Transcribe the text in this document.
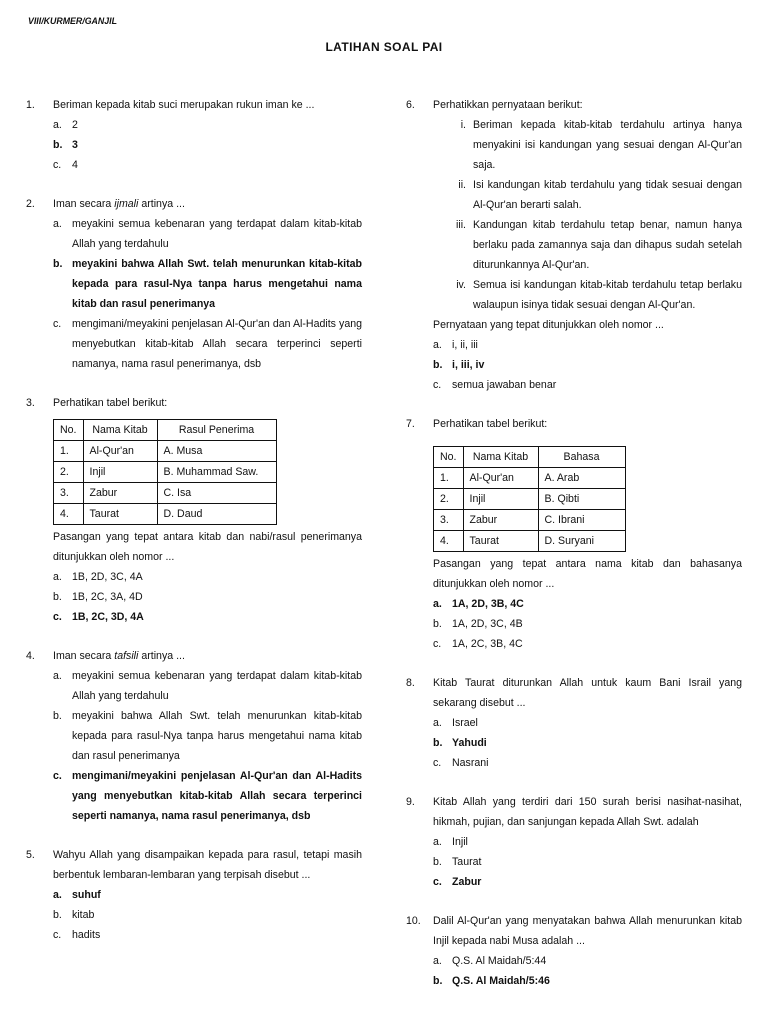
VIII/KURMER/GANJIL
LATIHAN SOAL PAI
1.	Beriman kepada kitab suci merupakan rukun iman ke ...
a. 2
b. 3
c.	4
2.	Iman secara ijmali artinya ...
a. meyakini semua kebenaran yang terdapat dalam kitab-kitab Allah yang terdahulu
b. meyakini bahwa Allah Swt. telah menurunkan kitab-kitab kepada para rasul-Nya tanpa harus mengetahui nama kitab dan rasul penerimanya
c.	mengimani/meyakini penjelasan Al-Qur'an dan Al-Hadits yang menyebutkan kitab-kitab Allah secara terperinci seperti namanya, nama rasul penerimanya, dsb
3.	Perhatikan tabel berikut:
No.	Nama Kitab	Rasul Penerima
1.	Al-Qur'an	A. Musa
2.	Injil	B. Muhammad Saw.
3.	Zabur	C. Isa
4.	Taurat	D. Daud
Pasangan yang tepat antara kitab dan nabi/rasul penerimanya ditunjukkan oleh nomor ...
a. 1B, 2D, 3C, 4A
b. 1B, 2C, 3A, 4D
c. 1B, 2C, 3D, 4A
4.	Iman secara tafsili artinya ...
a. meyakini semua kebenaran yang terdapat dalam kitab-kitab Allah yang terdahulu
b. meyakini bahwa Allah Swt. telah menurunkan kitab-kitab kepada para rasul-Nya tanpa harus mengetahui nama kitab dan rasul penerimanya
c. mengimani/meyakini penjelasan Al-Qur'an dan Al-Hadits yang menyebutkan kitab-kitab Allah secara terperinci seperti namanya, nama rasul penerimanya, dsb
5.	Wahyu Allah yang disampaikan kepada para rasul, tetapi masih berbentuk lembaran-lembaran yang terpisah disebut ...
a. suhuf
b. kitab
c.	hadits
6.	Perhatikkan pernyataan berikut:
i. Beriman kepada kitab-kitab terdahulu artinya hanya menyakini isi kandungan yang sesuai dengan Al-Qur'an saja.
ii. Isi kandungan kitab terdahulu yang tidak sesuai dengan Al-Qur'an berarti salah.
iii. Kandungan kitab terdahulu tetap benar, namun hanya berlaku pada zamannya saja dan dihapus sudah setelah diturunkannya Al-Qur'an.
iv. Semua isi kandungan kitab-kitab terdahulu tetap berlaku walaupun isinya tidak sesuai dengan Al-Qur'an.
Pernyataan yang tepat ditunjukkan oleh nomor ...
a. i, ii, iii
b. i, iii, iv
c.	semua jawaban benar
7.	Perhatikan tabel berikut:
No.	Nama Kitab	Bahasa
1.	Al-Qur'an	A. Arab
2.	Injil	B. Qibti
3.	Zabur	C. Ibrani
4.	Taurat	D. Suryani
Pasangan yang tepat antara nama kitab dan bahasanya ditunjukkan oleh nomor ...
a. 1A, 2D, 3B, 4C
b. 1A, 2D, 3C, 4B
c.	1A, 2C, 3B, 4C
8.	Kitab Taurat diturunkan Allah untuk kaum Bani Israil yang sekarang disebut ...
a. Israel
b. Yahudi
c.	Nasrani
9.	Kitab Allah yang terdiri dari 150 surah berisi nasihat-nasihat, hikmah, pujian, dan sanjungan kepada Allah Swt. adalah
a. Injil
b. Taurat
c. Zabur
10.	Dalil Al-Qur'an yang menyatakan bahwa Allah menurunkan kitab Injil kepada nabi Musa adalah ...
a. Q.S. Al Maidah/5:44
b. Q.S. Al Maidah/5:46
